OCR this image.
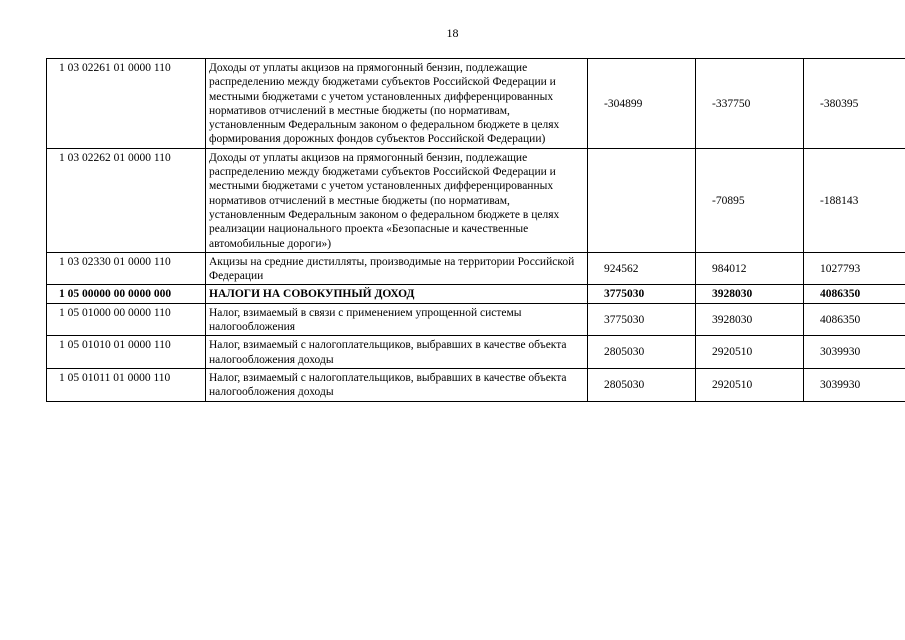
18
1 03 02261 01 0000 110	Доходы от уплаты акцизов на прямогонный бензин, подлежащие распределению между бюджетами субъектов Российской Федерации и местными бюджетами с учетом установленных дифференцированных нормативов отчислений в местные бюджеты (по нормативам, установленным Федеральным законом о федеральном бюджете в целях формирования дорожных фондов субъектов Российской Федерации)	-304899	-337750	-380395
1 03 02262 01 0000 110	Доходы от уплаты акцизов на прямогонный бензин, подлежащие распределению между бюджетами субъектов Российской Федерации и местными бюджетами с учетом установленных дифференцированных нормативов отчислений в местные бюджеты (по нормативам, установленным Федеральным законом о федеральном бюджете в целях реализации национального проекта «Безопасные и качественные автомобильные дороги»)		-70895	-188143
1 03 02330 01 0000 110	Акцизы на средние дистилляты, производимые на территории Российской Федерации	924562	984012	1027793
1 05 00000 00 0000 000	НАЛОГИ НА СОВОКУПНЫЙ ДОХОД	3775030	3928030	4086350
1 05 01000 00 0000 110	Налог, взимаемый в связи с применением упрощенной системы налогообложения	3775030	3928030	4086350
1 05 01010 01 0000 110	Налог, взимаемый с налогоплательщиков, выбравших в качестве объекта налогообложения доходы	2805030	2920510	3039930
1 05 01011 01 0000 110	Налог, взимаемый с налогоплательщиков, выбравших в качестве объекта налогообложения доходы	2805030	2920510	3039930
